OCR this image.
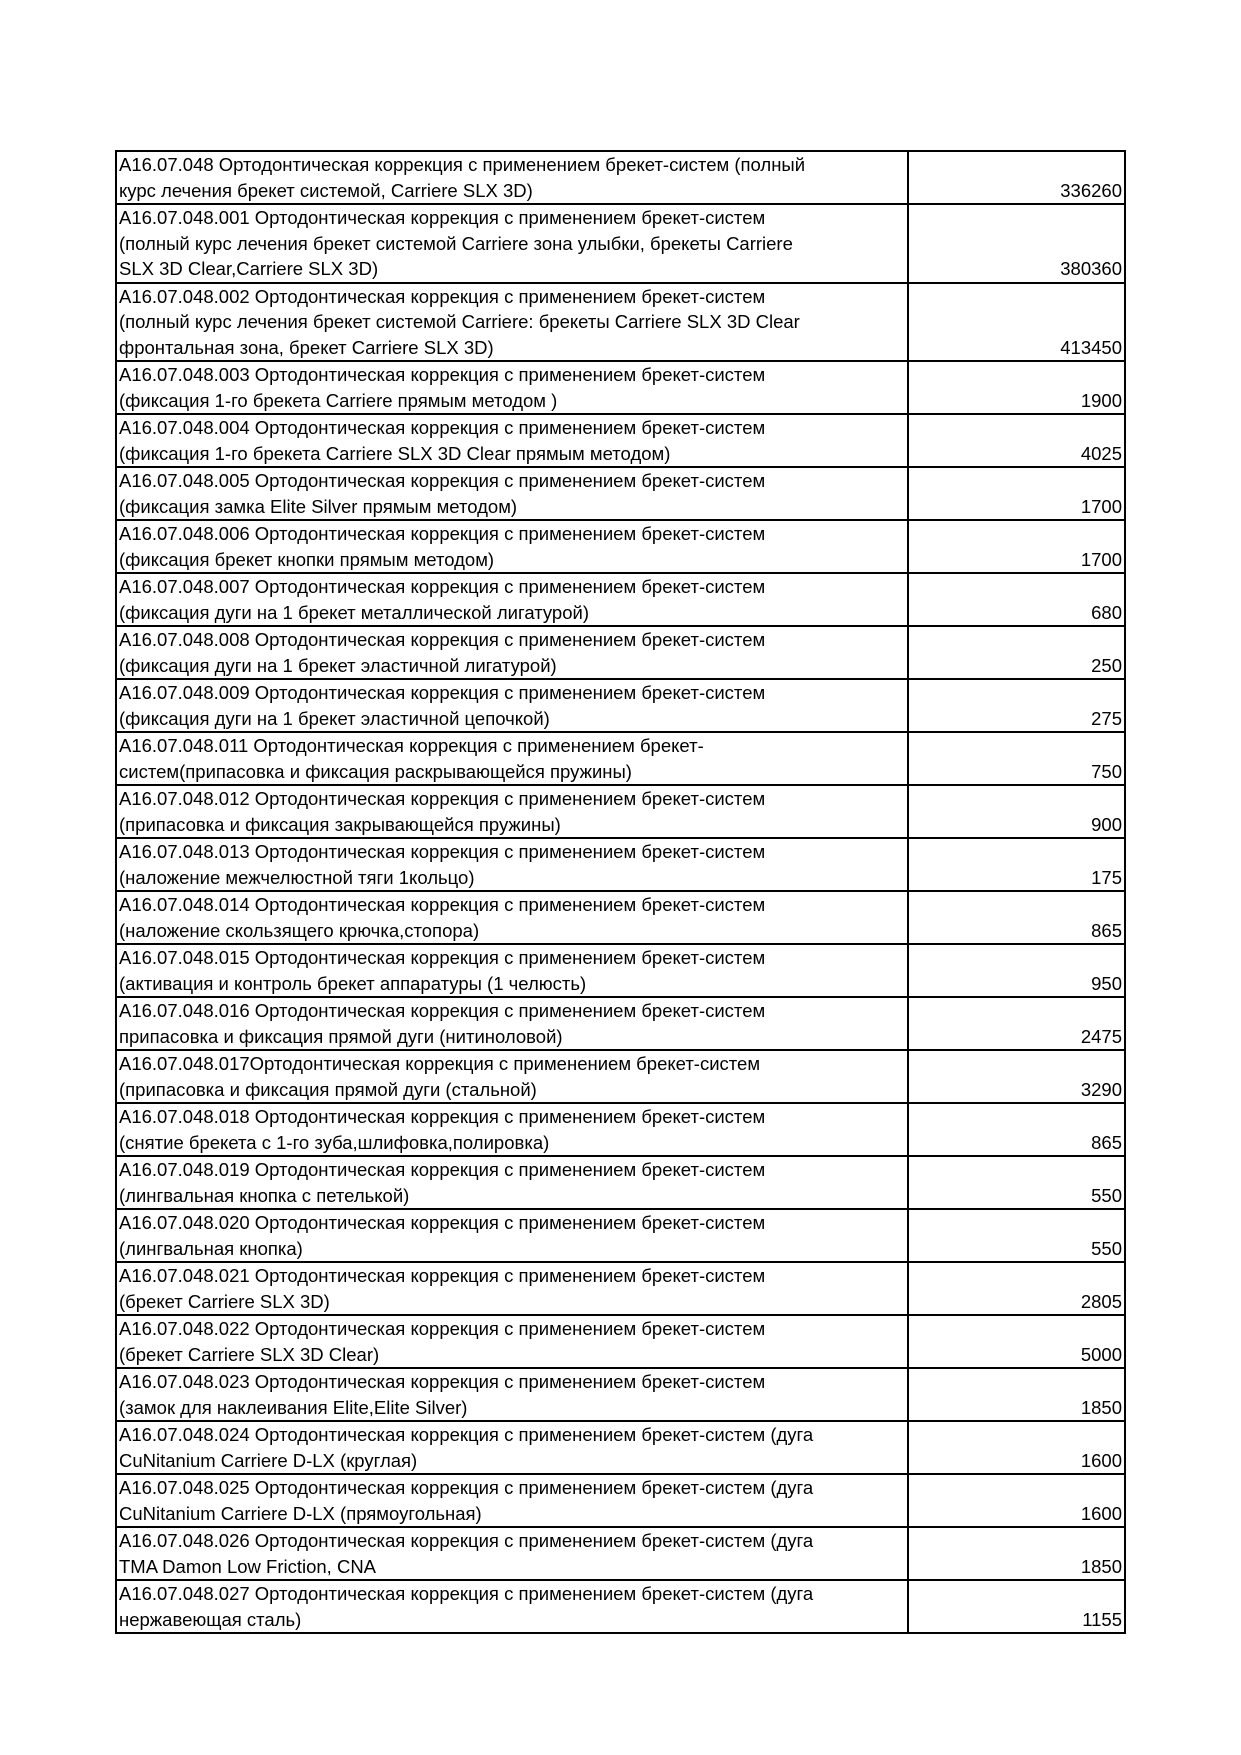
А16.07.048 Ортодонтическая коррекция с применением брекет-систем (полный
курс лечения брекет системой, Carriere SLX 3D)	336260

А16.07.048.001 Ортодонтическая коррекция с применением брекет-систем
(полный курс лечения брекет системой Carriere зона улыбки, брекеты Carriere
SLX 3D Clear,Carriere SLX 3D)	380360

А16.07.048.002 Ортодонтическая коррекция с применением брекет-систем
(полный курс лечения брекет системой Carriere: брекеты Carriere SLX 3D Clear
фронтальная зона, брекет Carriere SLX 3D)	413450

А16.07.048.003 Ортодонтическая коррекция с применением брекет-систем
(фиксация 1-го брекета Carriere прямым методом )	1900

А16.07.048.004 Ортодонтическая коррекция с применением брекет-систем
(фиксация 1-го брекета Carriere SLX 3D Clear прямым методом)	4025

А16.07.048.005 Ортодонтическая коррекция с применением брекет-систем
(фиксация замка Elite Silver прямым методом)	1700

А16.07.048.006 Ортодонтическая коррекция с применением брекет-систем
(фиксация брекет кнопки прямым методом)	1700

А16.07.048.007 Ортодонтическая коррекция с применением брекет-систем
(фиксация дуги на 1 брекет металлической лигатурой)	680

А16.07.048.008 Ортодонтическая коррекция с применением брекет-систем
(фиксация дуги на 1 брекет эластичной лигатурой)	250

А16.07.048.009 Ортодонтическая коррекция с применением брекет-систем
(фиксация дуги на 1 брекет эластичной цепочкой)	275

А16.07.048.011 Ортодонтическая коррекция с применением брекет-
систем(припасовка и фиксация раскрывающейся пружины)	750

А16.07.048.012 Ортодонтическая коррекция с применением брекет-систем
(припасовка и фиксация закрывающейся пружины)	900

А16.07.048.013 Ортодонтическая коррекция с применением брекет-систем
(наложение межчелюстной тяги 1кольцо)	175

А16.07.048.014 Ортодонтическая коррекция с применением брекет-систем
(наложение скользящего крючка,стопора)	865

А16.07.048.015 Ортодонтическая коррекция с применением брекет-систем
(активация и контроль брекет аппаратуры (1 челюсть)	950

А16.07.048.016 Ортодонтическая коррекция с применением брекет-систем
припасовка и фиксация прямой дуги (нитиноловой)	2475

А16.07.048.017Ортодонтическая коррекция с применением брекет-систем
(припасовка и фиксация прямой дуги (стальной)	3290

А16.07.048.018 Ортодонтическая коррекция с применением брекет-систем
(снятие брекета с 1-го зуба,шлифовка,полировка)	865

А16.07.048.019 Ортодонтическая коррекция с применением брекет-систем
(лингвальная кнопка с петелькой)	550

А16.07.048.020 Ортодонтическая коррекция с применением брекет-систем
(лингвальная кнопка)	550

А16.07.048.021 Ортодонтическая коррекция с применением брекет-систем
(брекет Carriere SLX 3D)	2805

А16.07.048.022 Ортодонтическая коррекция с применением брекет-систем
(брекет Carriere SLX 3D Clear)	5000

А16.07.048.023 Ортодонтическая коррекция с применением брекет-систем
(замок для наклеивания Elite,Elite Silver)	1850

А16.07.048.024 Ортодонтическая коррекция с применением брекет-систем (дуга
CuNitanium Carriere D-LX (круглая)	1600

А16.07.048.025 Ортодонтическая коррекция с применением брекет-систем (дуга
CuNitanium Carriere D-LX (прямоугольная)	1600

А16.07.048.026 Ортодонтическая коррекция с применением брекет-систем (дуга
TMA Damon Low Friction, CNA	1850

А16.07.048.027 Ортодонтическая коррекция с применением брекет-систем (дуга
нержавеющая сталь)	1155
